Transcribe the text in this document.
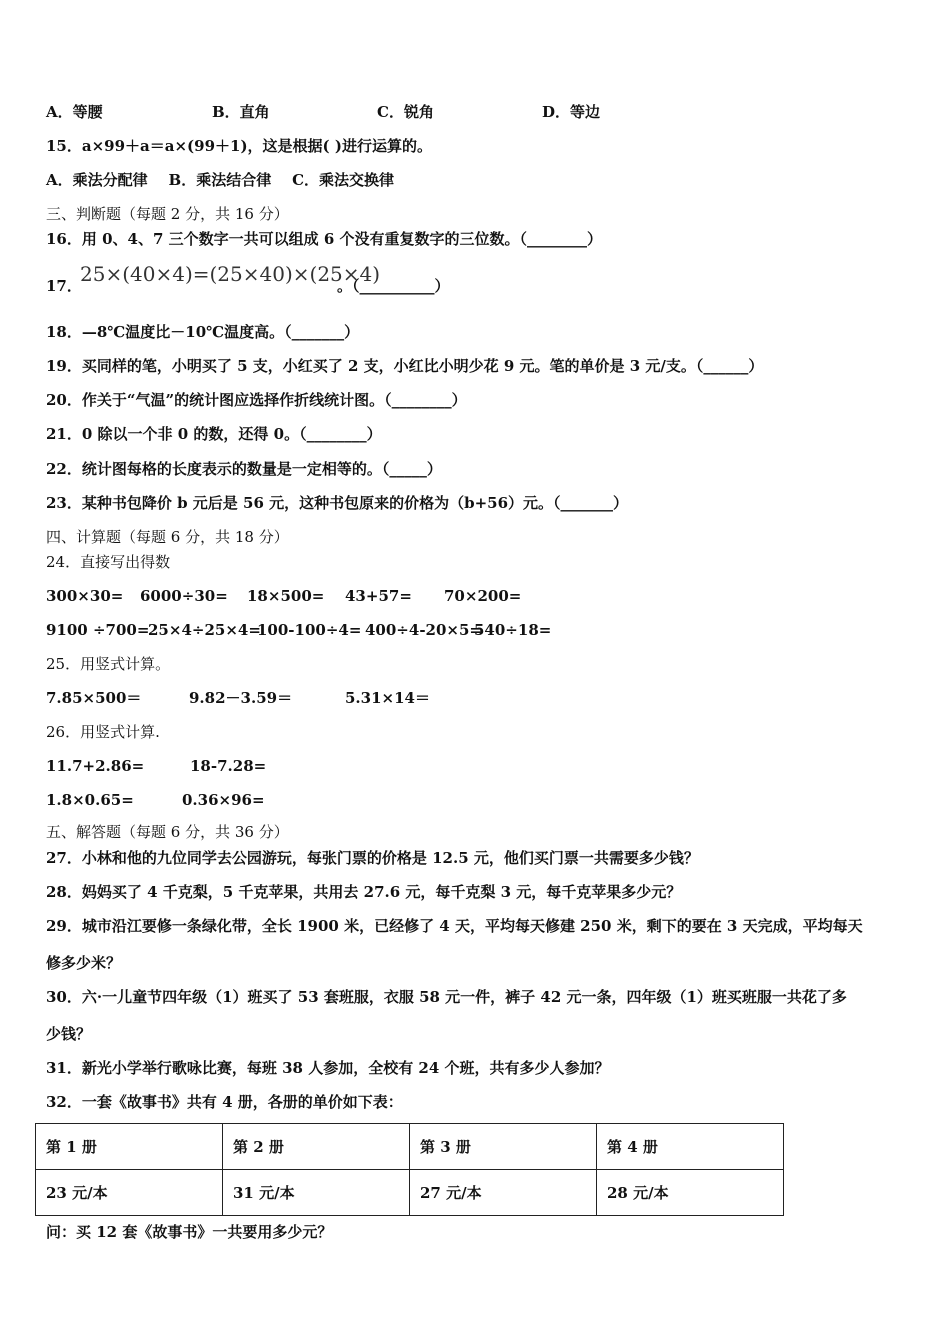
A．等腰	B．直角	C．锐角	D．等边
15．a×99＋a＝a×(99＋1)，这是根据( )进行运算的。
A．乘法分配律    B．乘法结合律    C．乘法交换律
三、判断题（每题 2 分，共 16 分）
16．用 0、4、7 三个数字一共可以组成 6 个没有重复数字的三位数。（________）
17．
25×(40×4)=(25×40)×(25×4)
。（__________）
18．—8℃温度比－10℃温度高。（_______）
19．买同样的笔，小明买了 5 支，小红买了 2 支，小红比小明少花 9 元。笔的单价是 3 元/支。（______）
20．作关于“气温”的统计图应选择作折线统计图。（________）
21．0 除以一个非 0 的数，还得 0。（________）
22．统计图每格的长度表示的数量是一定相等的。（_____）
23．某种书包降价 b 元后是 56 元，这种书包原来的价格为（b+56）元。（_______）
四、计算题（每题 6 分，共 18 分）
24．直接写出得数
300×30= 6000÷30= 18×500= 43+57= 70×200=
9100 ÷700=
25×4÷25×4=
100-100÷4= 400÷4-20×5=
540÷18=
25．用竖式计算。
7.85×500＝	9.82－3.59＝	5.31×14＝
26．用竖式计算.
11.7+2.86=	18-7.28=
1.8×0.65=	0.36×96=
五、解答题（每题 6 分，共 36 分）
27．小林和他的九位同学去公园游玩，每张门票的价格是 12.5 元，他们买门票一共需要多少钱？
28．妈妈买了 4 千克梨，5 千克苹果，共用去 27.6 元，每千克梨 3 元，每千克苹果多少元？
29．城市沿江要修一条绿化带，全长 1900 米，已经修了 4 天，平均每天修建 250 米，剩下的要在 3 天完成，平均每天
修多少米？
30．六·一儿童节四年级（1）班买了 53 套班服，衣服 58 元一件，裤子 42 元一条，四年级（1）班买班服一共花了多
少钱？
31．新光小学举行歌咏比赛，每班 38 人参加，全校有 24 个班，共有多少人参加？
32．一套《故事书》共有 4 册，各册的单价如下表：
第 1 册	第 2 册	第 3 册	第 4 册
23 元/本	31 元/本	27 元/本	28 元/本
问：买 12 套《故事书》一共要用多少元？
